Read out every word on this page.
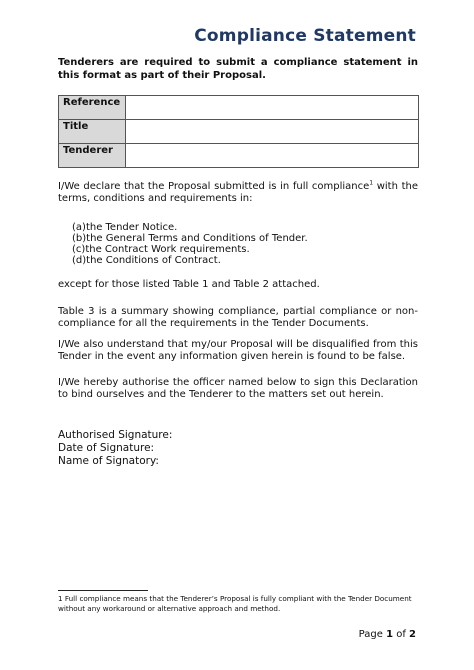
Compliance Statement
Tenderers are required to submit a compliance statement in this format as part of their Proposal.
Reference	
Title	
Tenderer	
I/We declare that the Proposal submitted is in full compliance$^1$ with the terms, conditions and requirements in:
(a)the Tender Notice.
(b)the General Terms and Conditions of Tender.
(c)the Contract Work requirements.
(d)the Conditions of Contract.
except for those listed Table 1 and Table 2 attached.
Table 3 is a summary showing compliance, partial compliance or non-compliance for all the requirements in the Tender Documents.
I/We also understand that my/our Proposal will be disqualified from this Tender in the event any information given herein is found to be false.
I/We hereby authorise the officer named below to sign this Declaration to bind ourselves and the Tenderer to the matters set out herein.
Authorised Signature:
Date of Signature:
Name of Signatory:
1 Full compliance means that the Tenderer’s Proposal is fully compliant with the Tender Document without any workaround or alternative approach and method.
Page 1 of 2
